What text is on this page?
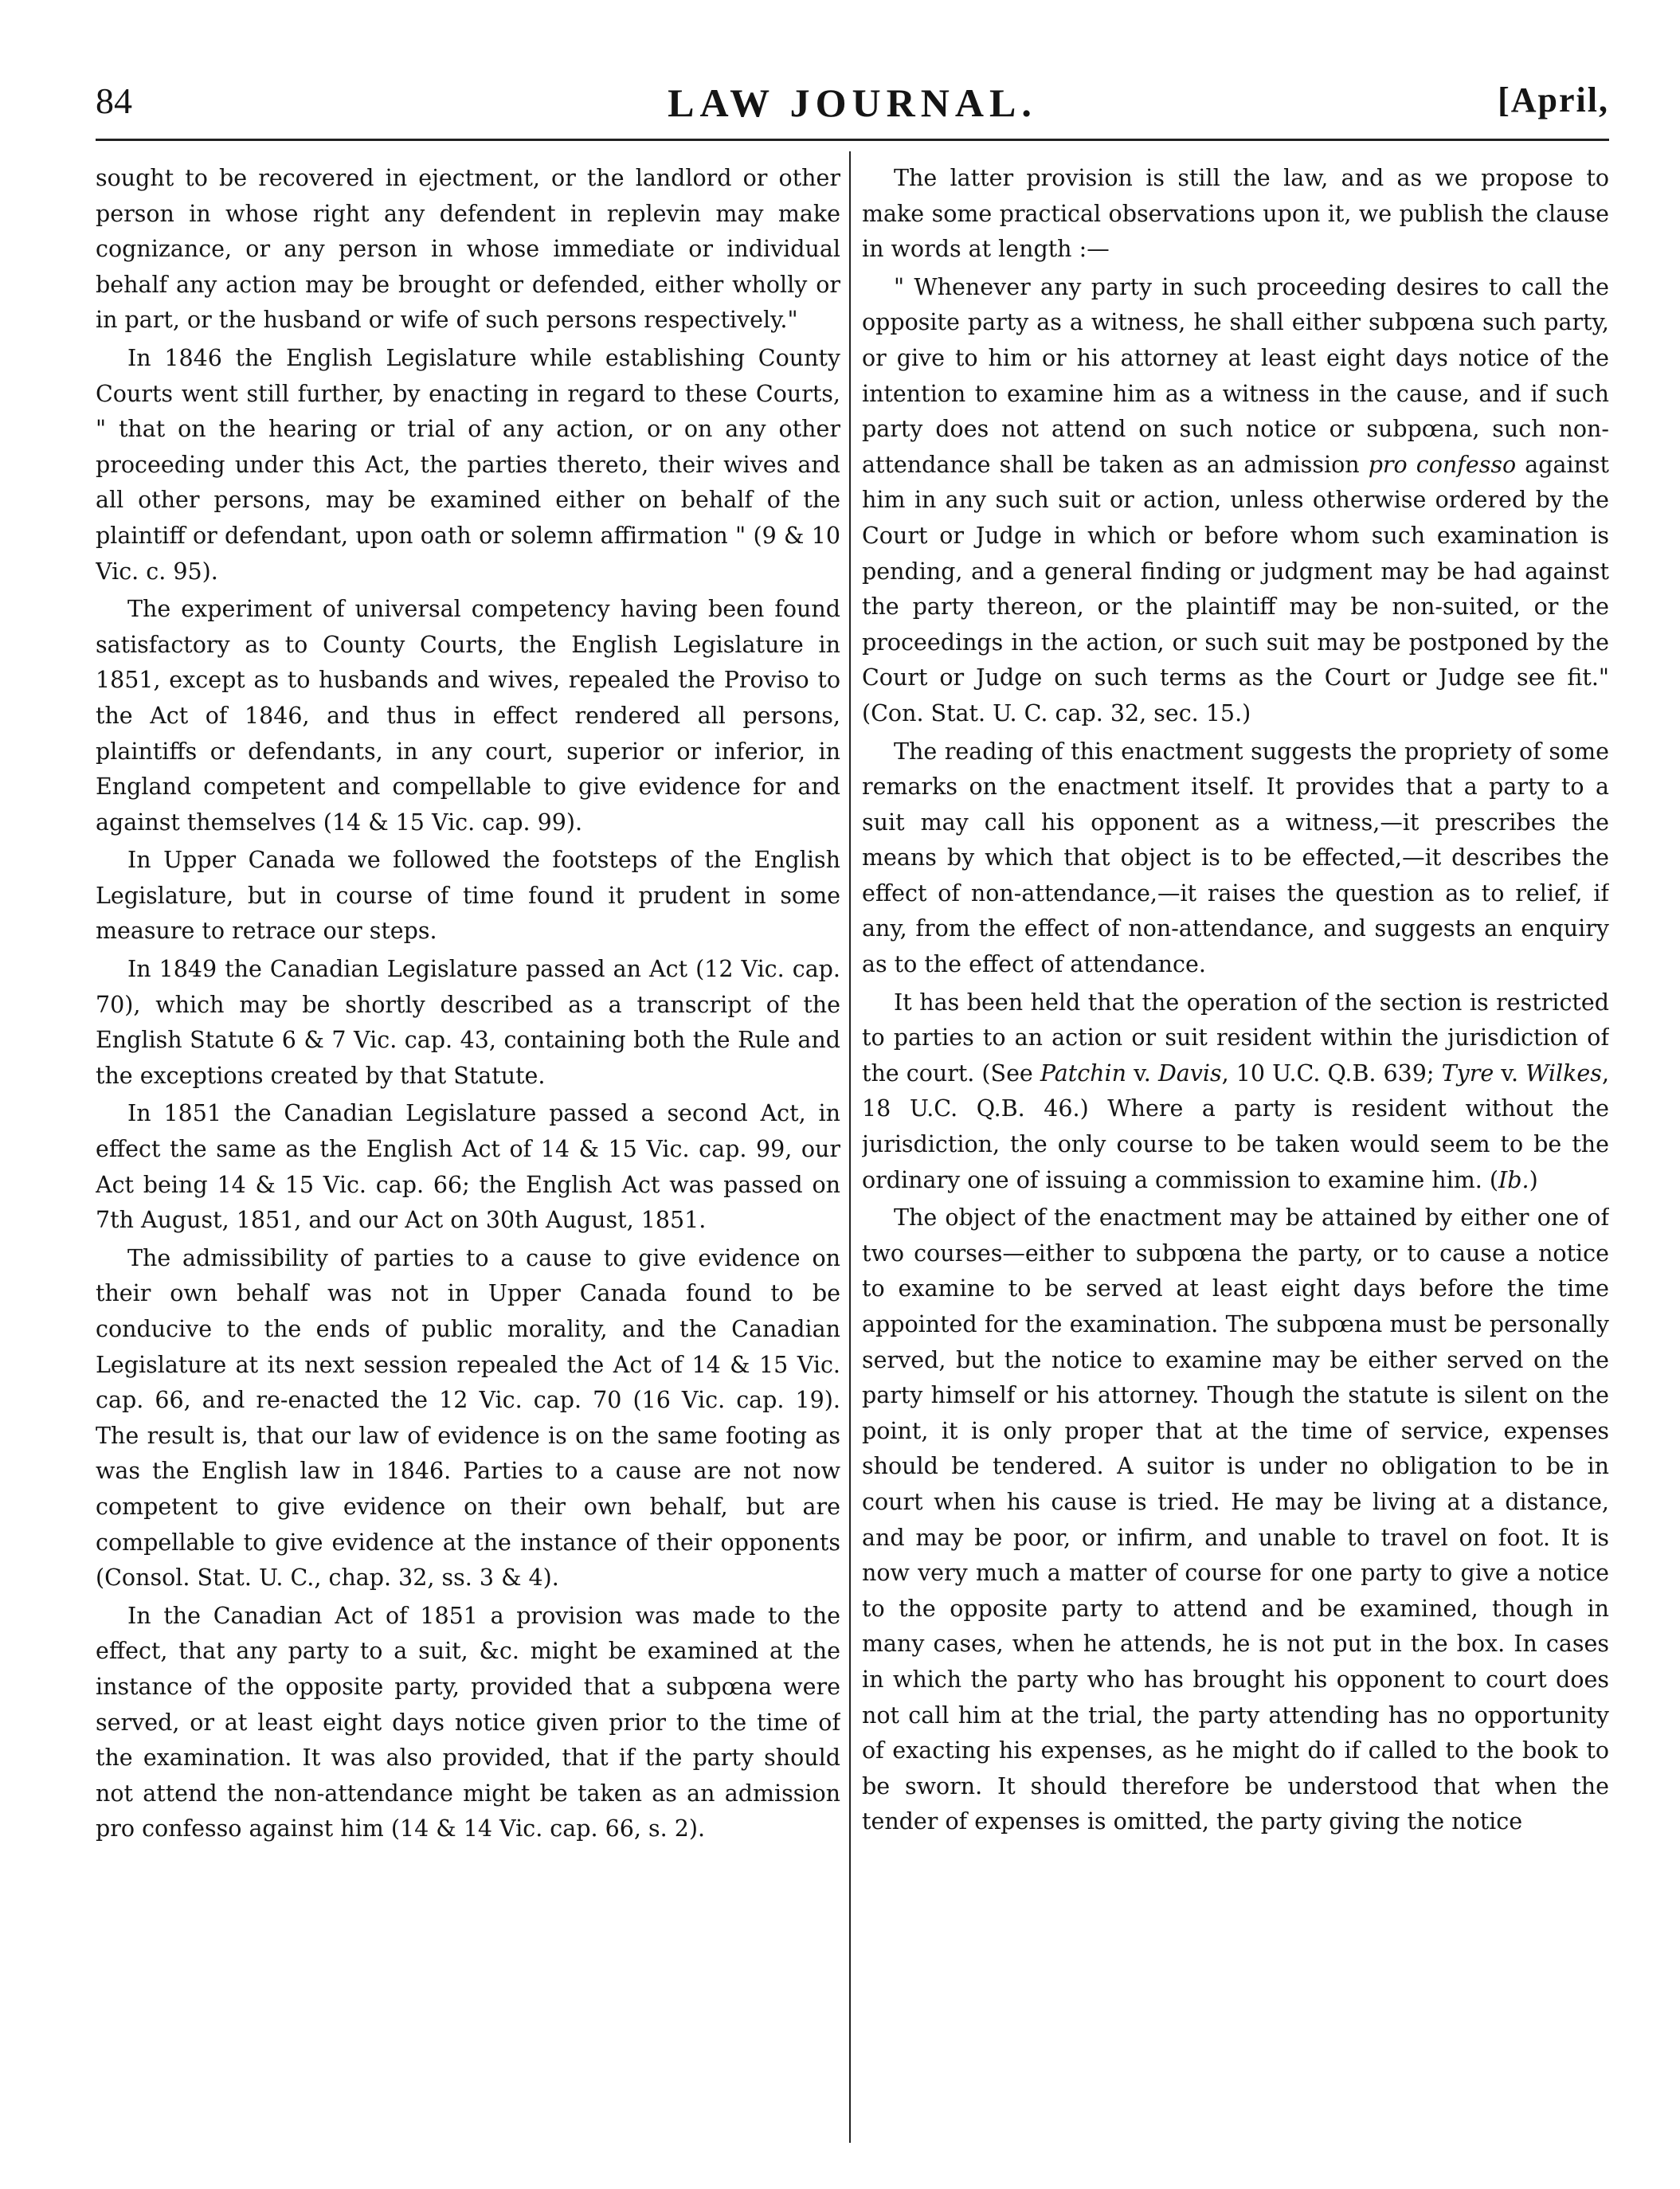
84	LAW JOURNAL.	[April,

sought to be recovered in ejectment, or the landlord or other person in whose right any defendent in replevin may make cognizance, or any person in whose immediate or individual behalf any action may be brought or defended, either wholly or in part, or the husband or wife of such persons respectively."

In 1846 the English Legislature while establishing County Courts went still further, by enacting in regard to these Courts, " that on the hearing or trial of any action, or on any other proceeding under this Act, the parties thereto, their wives and all other persons, may be examined either on behalf of the plaintiff or defendant, upon oath or solemn affirmation " (9 & 10 Vic. c. 95).

The experiment of universal competency having been found satisfactory as to County Courts, the English Legislature in 1851, except as to husbands and wives, repealed the Proviso to the Act of 1846, and thus in effect rendered all persons, plaintiffs or defendants, in any court, superior or inferior, in England competent and compellable to give evidence for and against themselves (14 & 15 Vic. cap. 99).

In Upper Canada we followed the footsteps of the English Legislature, but in course of time found it prudent in some measure to retrace our steps.

In 1849 the Canadian Legislature passed an Act (12 Vic. cap. 70), which may be shortly described as a transcript of the English Statute 6 & 7 Vic. cap. 43, containing both the Rule and the exceptions created by that Statute.

In 1851 the Canadian Legislature passed a second Act, in effect the same as the English Act of 14 & 15 Vic. cap. 99, our Act being 14 & 15 Vic. cap. 66; the English Act was passed on 7th August, 1851, and our Act on 30th August, 1851.

The admissibility of parties to a cause to give evidence on their own behalf was not in Upper Canada found to be conducive to the ends of public morality, and the Canadian Legislature at its next session repealed the Act of 14 & 15 Vic. cap. 66, and re-enacted the 12 Vic. cap. 70 (16 Vic. cap. 19). The result is, that our law of evidence is on the same footing as was the English law in 1846. Parties to a cause are not now competent to give evidence on their own behalf, but are compellable to give evidence at the instance of their opponents (Consol. Stat. U. C., chap. 32, ss. 3 & 4).

In the Canadian Act of 1851 a provision was made to the effect, that any party to a suit, &c. might be examined at the instance of the opposite party, provided that a subpœna were served, or at least eight days notice given prior to the time of the examination. It was also provided, that if the party should not attend the non-attendance might be taken as an admission pro confesso against him (14 & 14 Vic. cap. 66, s. 2).

The latter provision is still the law, and as we propose to make some practical observations upon it, we publish the clause in words at length :—

" Whenever any party in such proceeding desires to call the opposite party as a witness, he shall either subpœna such party, or give to him or his attorney at least eight days notice of the intention to examine him as a witness in the cause, and if such party does not attend on such notice or subpœna, such non-attendance shall be taken as an admission pro confesso against him in any such suit or action, unless otherwise ordered by the Court or Judge in which or before whom such examination is pending, and a general finding or judgment may be had against the party thereon, or the plaintiff may be non-suited, or the proceedings in the action, or such suit may be postponed by the Court or Judge on such terms as the Court or Judge see fit." (Con. Stat. U. C. cap. 32, sec. 15.)

The reading of this enactment suggests the propriety of some remarks on the enactment itself. It provides that a party to a suit may call his opponent as a witness,—it prescribes the means by which that object is to be effected,—it describes the effect of non-attendance,—it raises the question as to relief, if any, from the effect of non-attendance, and suggests an enquiry as to the effect of attendance.

It has been held that the operation of the section is restricted to parties to an action or suit resident within the jurisdiction of the court. (See Patchin v. Davis, 10 U.C. Q.B. 639; Tyre v. Wilkes, 18 U.C. Q.B. 46.) Where a party is resident without the jurisdiction, the only course to be taken would seem to be the ordinary one of issuing a commission to examine him. (Ib.)

The object of the enactment may be attained by either one of two courses—either to subpœna the party, or to cause a notice to examine to be served at least eight days before the time appointed for the examination. The subpœna must be personally served, but the notice to examine may be either served on the party himself or his attorney. Though the statute is silent on the point, it is only proper that at the time of service, expenses should be tendered. A suitor is under no obligation to be in court when his cause is tried. He may be living at a distance, and may be poor, or infirm, and unable to travel on foot. It is now very much a matter of course for one party to give a notice to the opposite party to attend and be examined, though in many cases, when he attends, he is not put in the box. In cases in which the party who has brought his opponent to court does not call him at the trial, the party attending has no opportunity of exacting his expenses, as he might do if called to the book to be sworn. It should therefore be understood that when the tender of expenses is omitted, the party giving the notice
